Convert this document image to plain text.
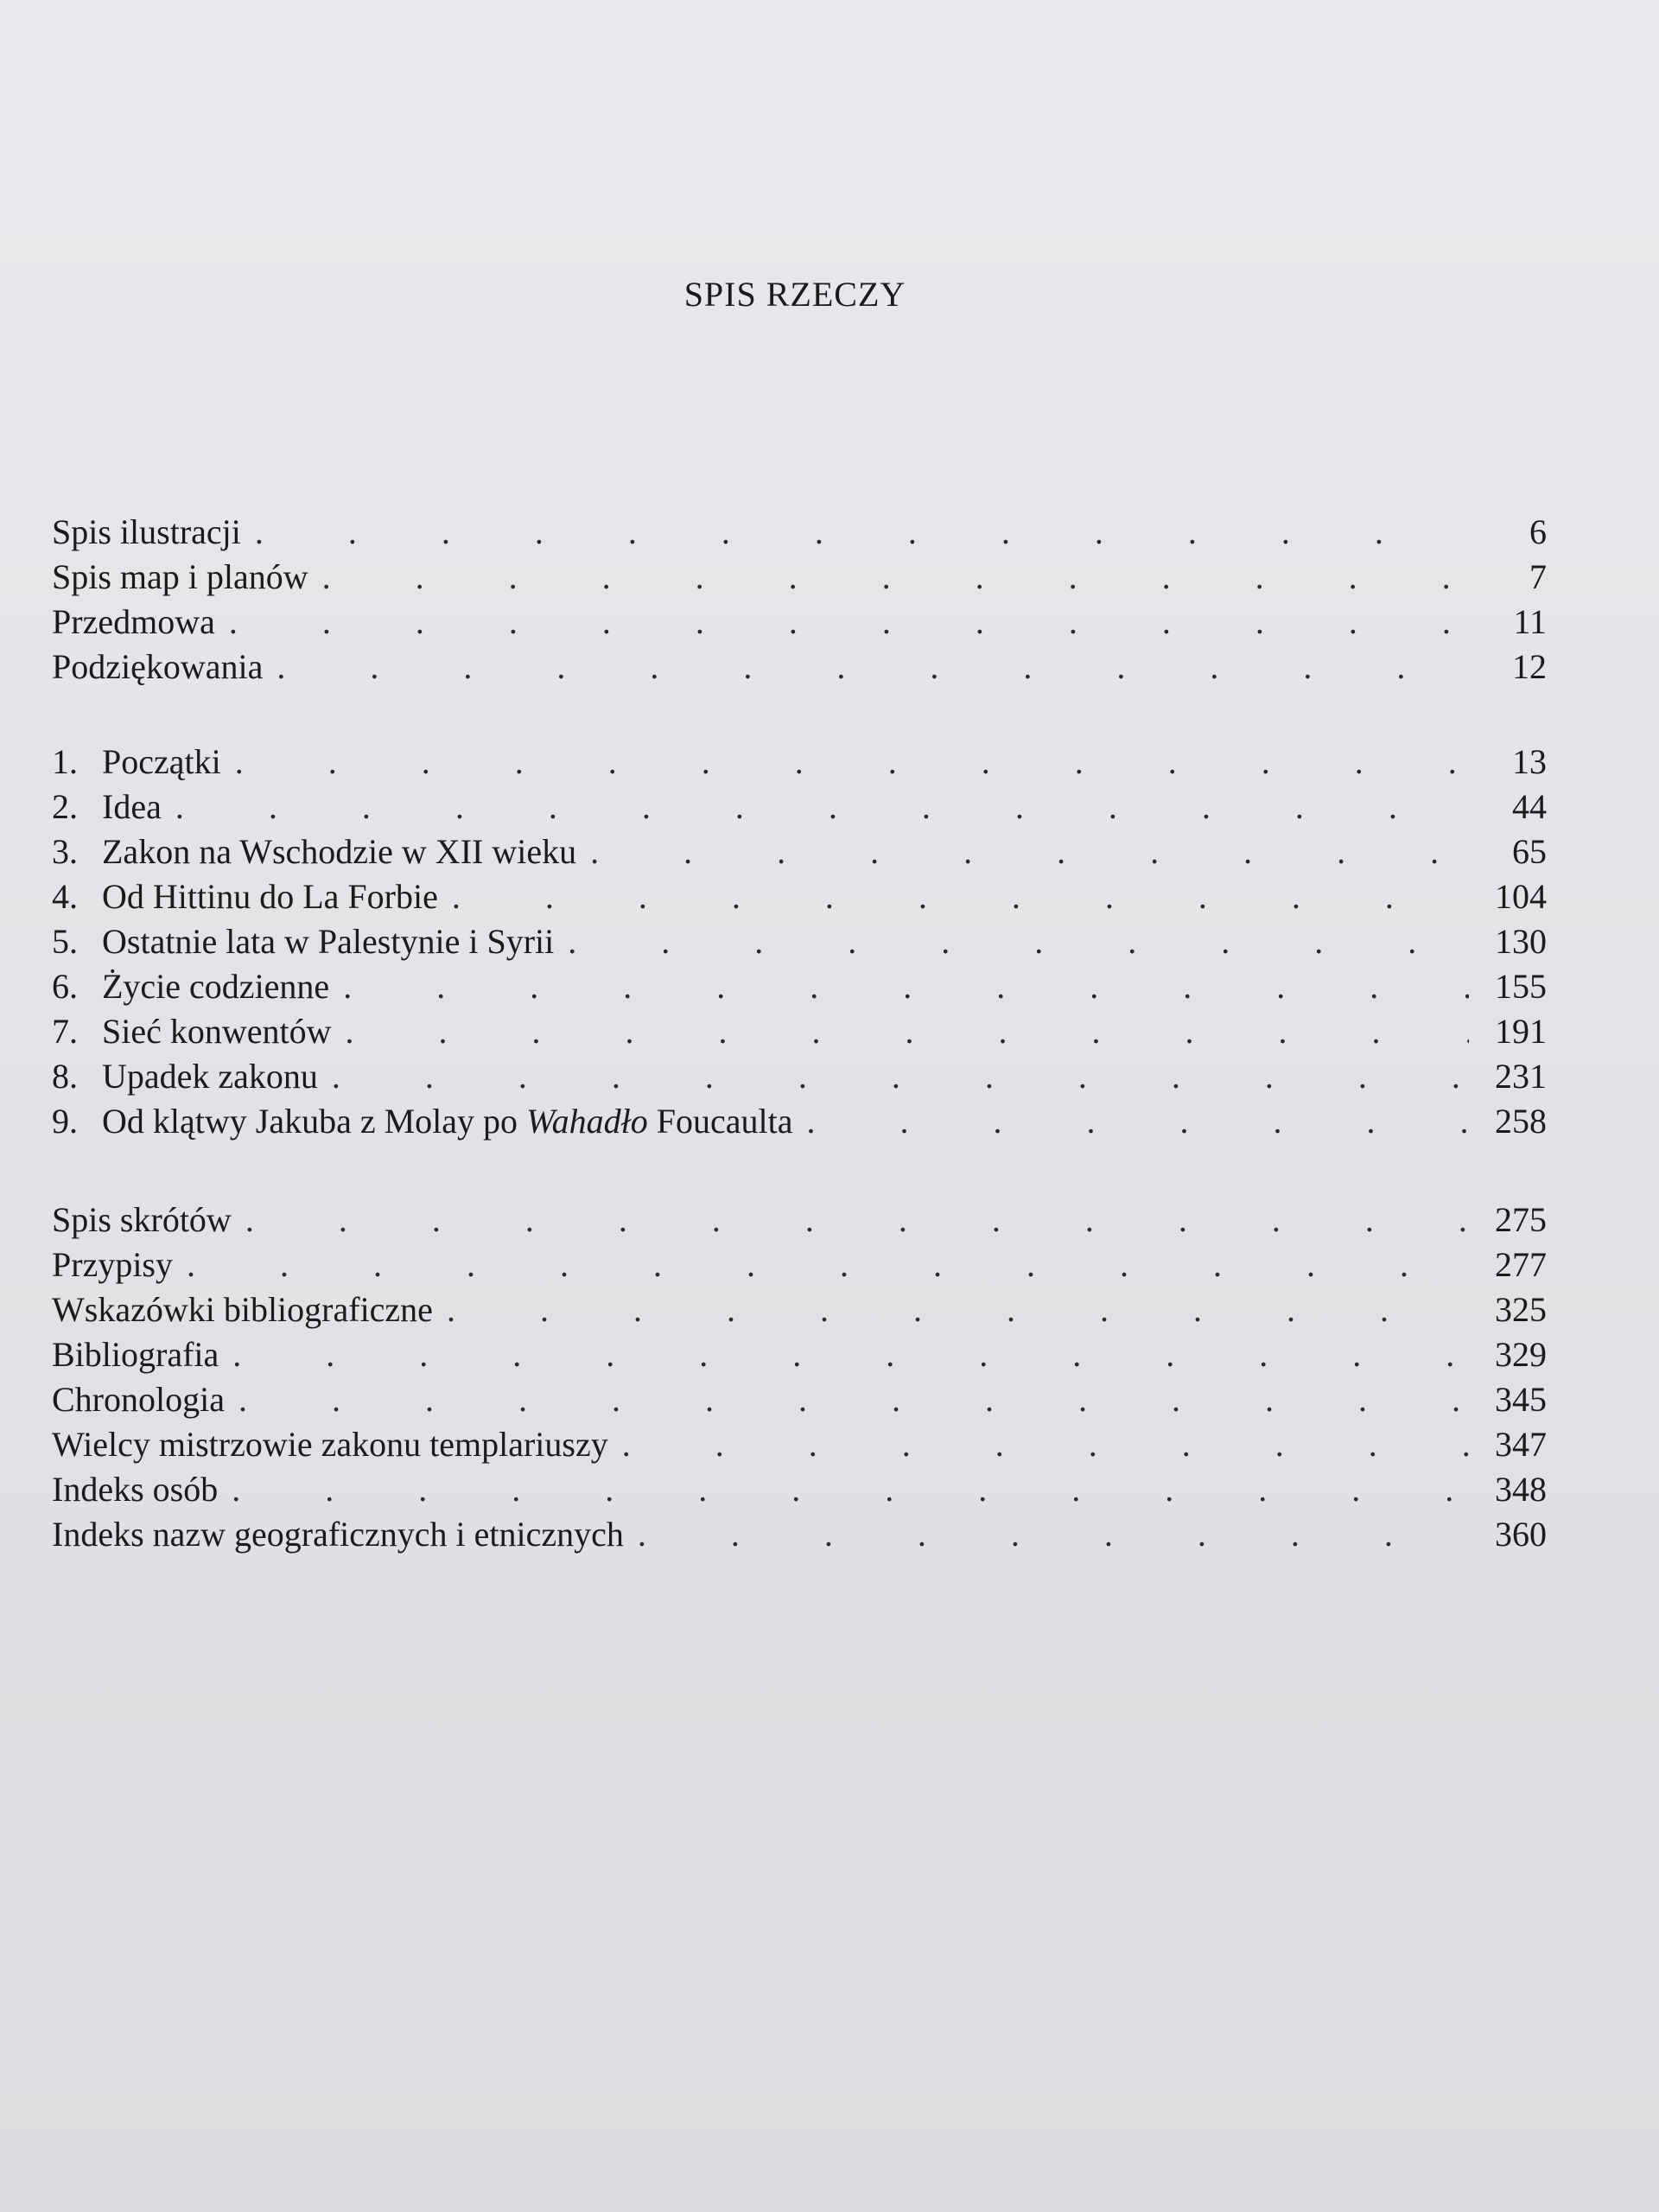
SPIS RZECZY
Spis ilustracji . . .	6
Spis map i planów . . .	7
Przedmowa . . .	11
Podziękowania . . .	12
1. Początki . . .	13
2. Idea . . .	44
3. Zakon na Wschodzie w XII wieku . . .	65
4. Od Hittinu do La Forbie . . .	104
5. Ostatnie lata w Palestynie i Syrii . . .	130
6. Życie codzienne . . .	155
7. Sieć konwentów . . .	191
8. Upadek zakonu . . .	231
9. Od klątwy Jakuba z Molay po Wahadło Foucaulta . . .	258
Spis skrótów . . .	275
Przypisy . . .	277
Wskazówki bibliograficzne . . .	325
Bibliografia . . .	329
Chronologia . . .	345
Wielcy mistrzowie zakonu templariuszy . . .	347
Indeks osób . . .	348
Indeks nazw geograficznych i etnicznych . . .	360
